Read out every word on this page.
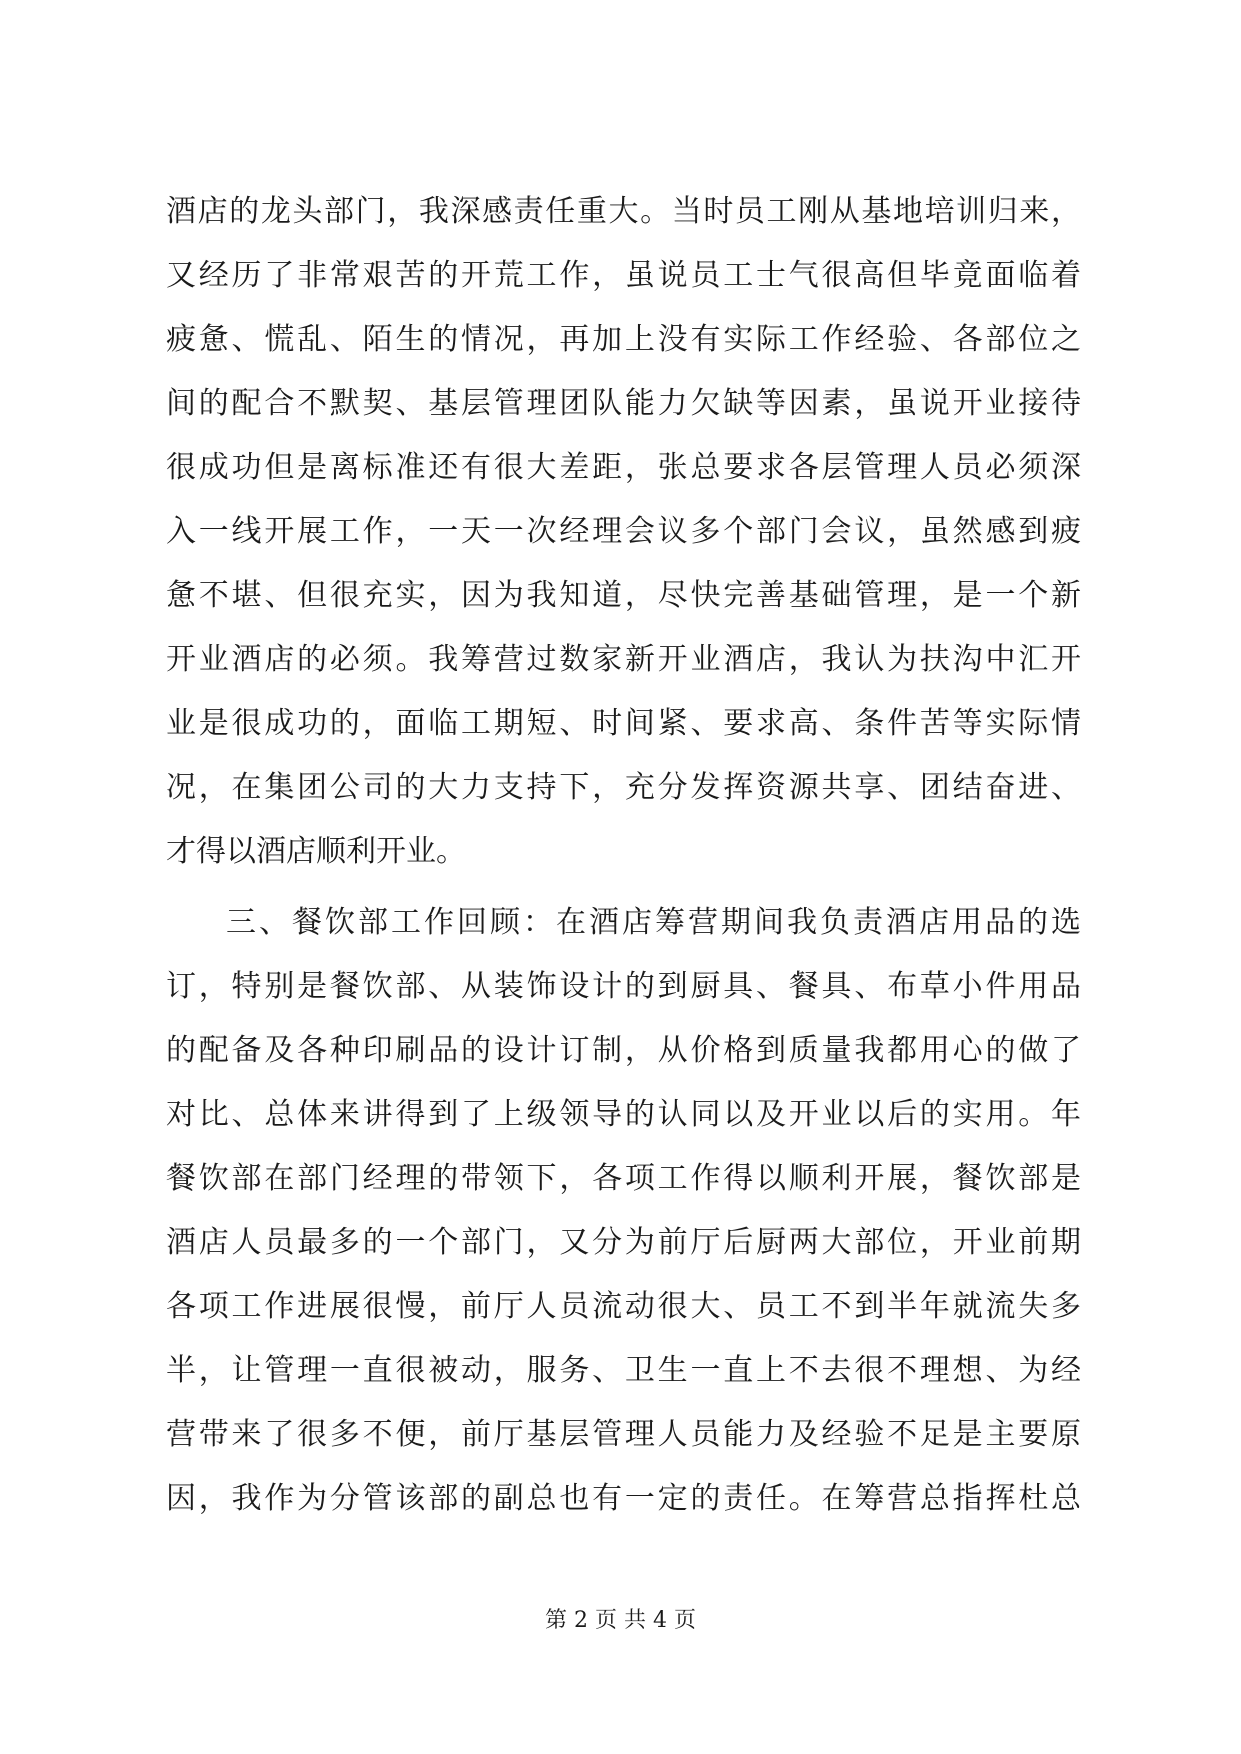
酒店的龙头部门，我深感责任重大。当时员工刚从基地培训归来，
又经历了非常艰苦的开荒工作，虽说员工士气很高但毕竟面临着
疲惫、慌乱、陌生的情况，再加上没有实际工作经验、各部位之
间的配合不默契、基层管理团队能力欠缺等因素，虽说开业接待
很成功但是离标准还有很大差距，张总要求各层管理人员必须深
入一线开展工作，一天一次经理会议多个部门会议，虽然感到疲
惫不堪、但很充实，因为我知道，尽快完善基础管理，是一个新
开业酒店的必须。我筹营过数家新开业酒店，我认为扶沟中汇开
业是很成功的，面临工期短、时间紧、要求高、条件苦等实际情
况，在集团公司的大力支持下，充分发挥资源共享、团结奋进、
才得以酒店顺利开业。
三、餐饮部工作回顾：在酒店筹营期间我负责酒店用品的选
订，特别是餐饮部、从装饰设计的到厨具、餐具、布草小件用品
的配备及各种印刷品的设计订制，从价格到质量我都用心的做了
对比、总体来讲得到了上级领导的认同以及开业以后的实用。年
餐饮部在部门经理的带领下，各项工作得以顺利开展，餐饮部是
酒店人员最多的一个部门，又分为前厅后厨两大部位，开业前期
各项工作进展很慢，前厅人员流动很大、员工不到半年就流失多
半，让管理一直很被动，服务、卫生一直上不去很不理想、为经
营带来了很多不便，前厅基层管理人员能力及经验不足是主要原
因，我作为分管该部的副总也有一定的责任。在筹营总指挥杜总
第 2 页 共 4 页
